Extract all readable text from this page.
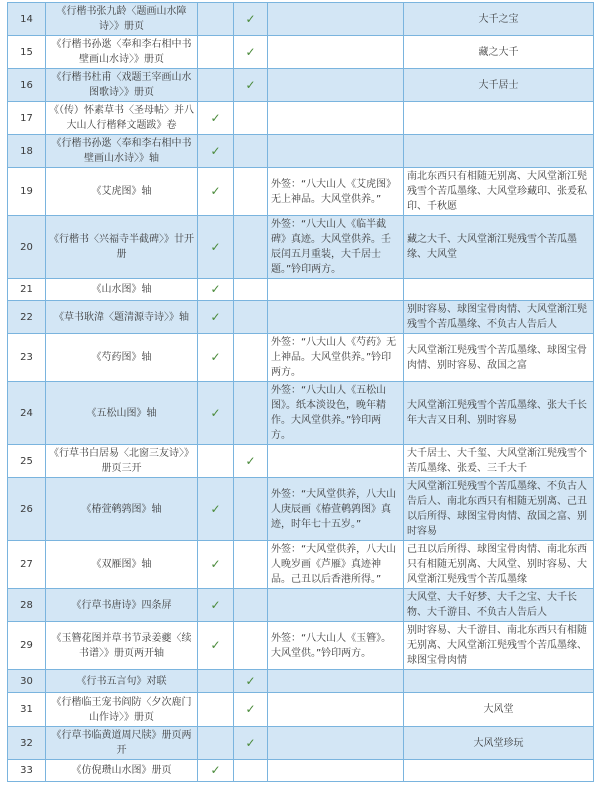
14	《行楷书张九龄〈题画山水障诗〉》册页		✓		大千之宝
15	《行楷书孙逖〈奉和李右相中书壁画山水诗〉》册页		✓		藏之大千
16	《行楷书杜甫〈戏题王宰画山水图歌诗〉》册页		✓		大千居士
17	《（传）怀素草书〈圣母帖〉并八大山人行楷释文题跋》卷	✓			
18	《行楷书孙逖〈奉和李右相中书壁画山水诗〉》轴	✓			
19	《艾虎图》轴	✓		外签：“八大山人《艾虎图》无上神品。大风堂供养。”	南北东西只有相随无别离、大风堂渐江髡残雪个苦瓜墨缘、大风堂珍藏印、张爰私印、千秋愿
20	《行楷书〈兴福寺半截碑〉》廿开册	✓		外签：“八大山人《临半截碑》真迹。大风堂供养。壬辰闰五月重装，大千居士题。”钤印两方。	藏之大千、大风堂渐江髡残雪个苦瓜墨缘、大风堂
21	《山水图》轴	✓			
22	《草书耿湋〈题清源寺诗〉》轴	✓			别时容易、球图宝骨肉情、大风堂渐江髡残雪个苦瓜墨缘、不负古人告后人
23	《芍药图》轴	✓		外签：“八大山人《芍药》无上神品。大风堂供养。”钤印两方。	大风堂渐江髡残雪个苦瓜墨缘、球图宝骨肉情、别时容易、敌国之富
24	《五松山图》轴	✓		外签：“八大山人《五松山图》。纸本淡设色，晚年精作。大风堂供养。”钤印两方。	大风堂渐江髡残雪个苦瓜墨缘、张大千长年大吉又日利、别时容易
25	《行草书白居易〈北窗三友诗〉》册页三开		✓		大千居士、大千玺、大风堂渐江髡残雪个苦瓜墨缘、张爰、三千大千
26	《椿萱鹌鹑图》轴	✓		外签：“大风堂供养，八大山人庚辰画《椿萱鹌鹑图》真迹，时年七十五岁。”	大风堂渐江髡残雪个苦瓜墨缘、不负古人告后人、南北东西只有相随无别离、己丑以后所得、球图宝骨肉情、敌国之富、别时容易
27	《双雁图》轴	✓		外签：“大风堂供养，八大山人晚岁画《芦雁》真迹神品。己丑以后香港所得。”	己丑以后所得、球图宝骨肉情、南北东西只有相随无别离、大风堂、别时容易、大风堂渐江髡残雪个苦瓜墨缘
28	《行草书唐诗》四条屏	✓			大风堂、大千好梦、大千之宝、大千长物、大千游目、不负古人告后人
29	《玉簪花图并草书节录姜夔〈续书谱〉》册页两开轴	✓		外签：“八大山人《玉簪》。大风堂供。”钤印两方。	别时容易、大千游目、南北东西只有相随无别离、大风堂渐江髡残雪个苦瓜墨缘、球图宝骨肉情
30	《行书五言句》对联		✓		
31	《行楷临王宠书阎防〈夕次鹿门山作诗〉》册页		✓		大风堂
32	《行草书临黄道周尺牍》册页两开		✓		大风堂珍玩
33	《仿倪瓒山水图》册页	✓			
